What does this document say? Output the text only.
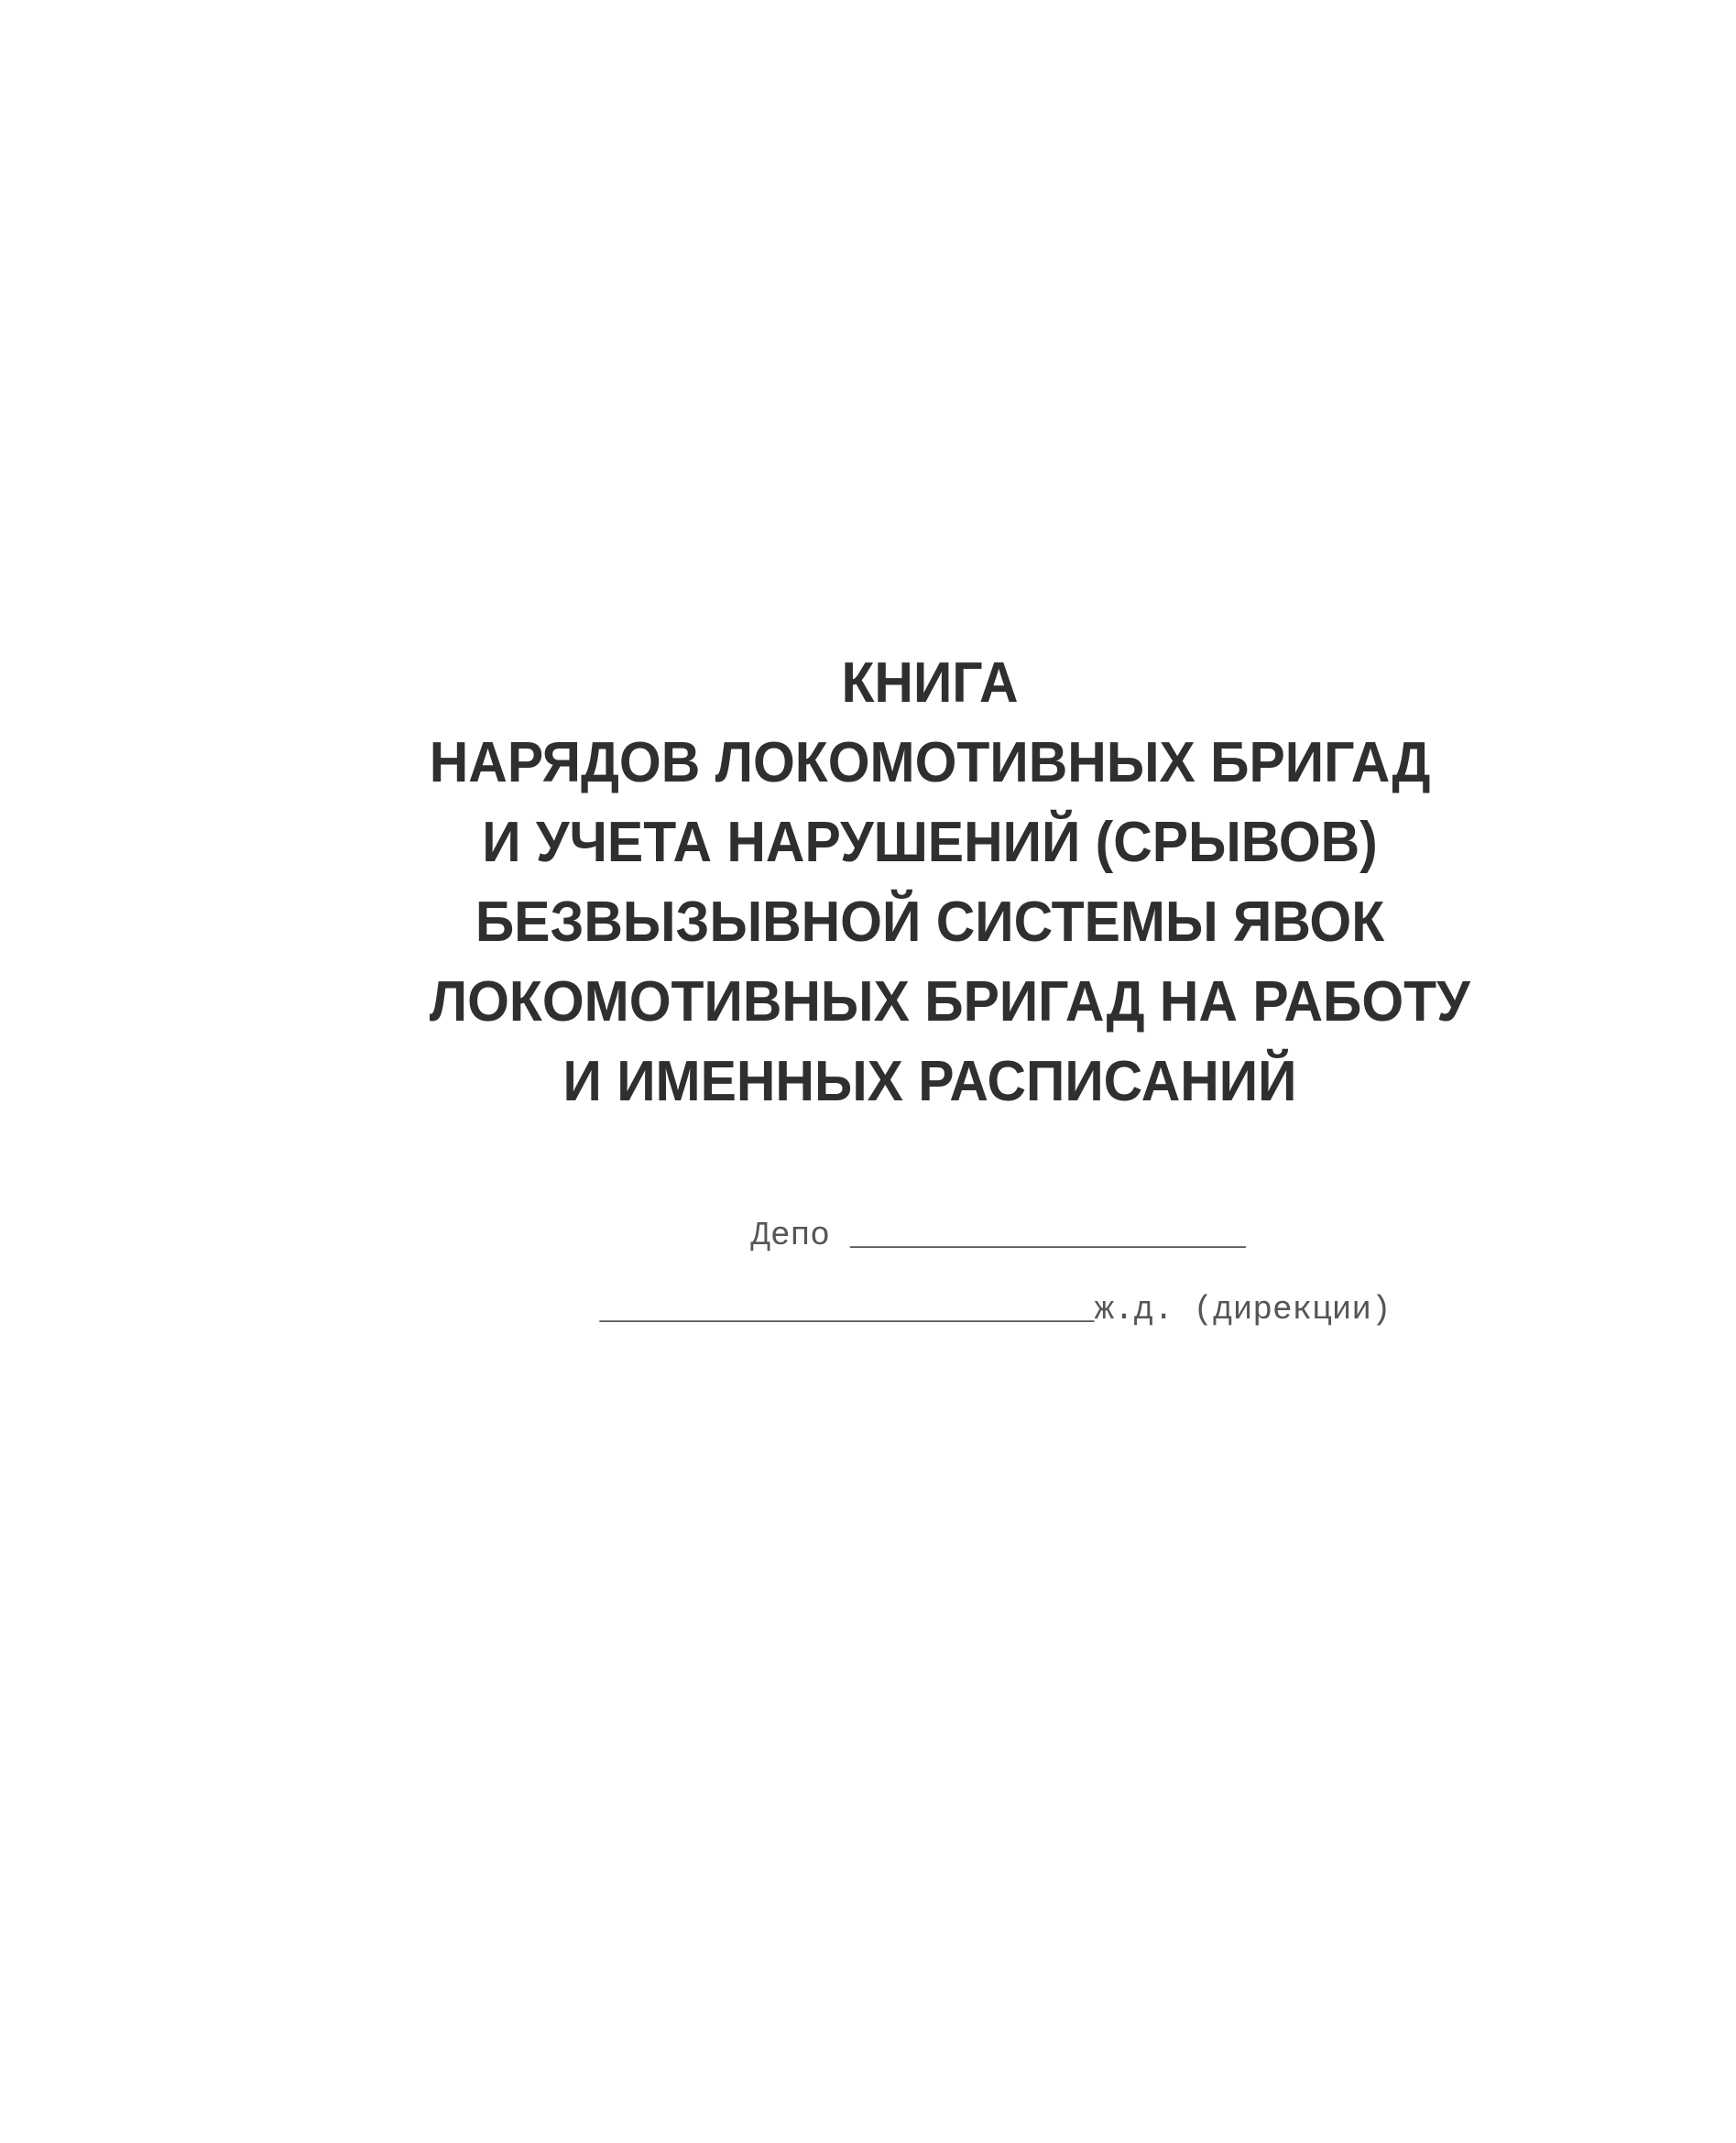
КНИГА
НАРЯДОВ ЛОКОМОТИВНЫХ БРИГАД
И УЧЕТА НАРУШЕНИЙ (СРЫВОВ)
БЕЗВЫЗЫВНОЙ СИСТЕМЫ ЯВОК
ЛОКОМОТИВНЫХ БРИГАД НА РАБОТУ
И ИМЕННЫХ РАСПИСАНИЙ

Депо ____________________

_________________________ж.д. (дирекции)
